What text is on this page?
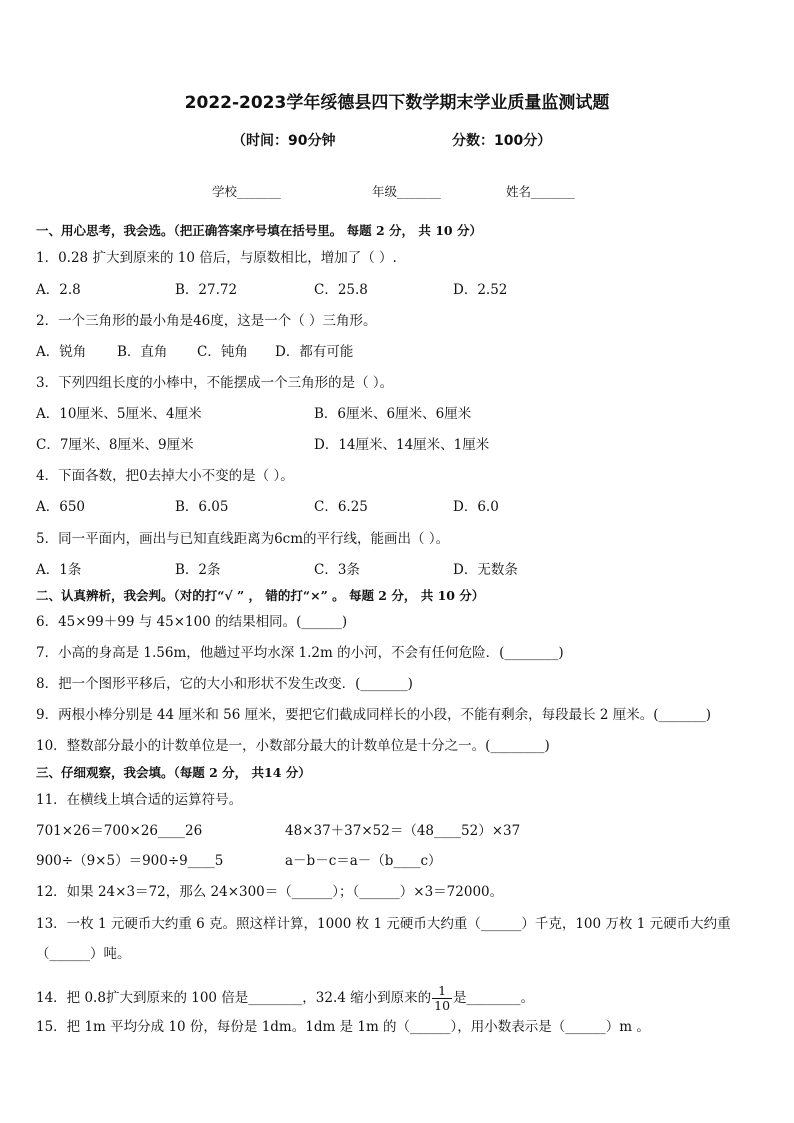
2022-2023学年绥德县四下数学期末学业质量监测试题
（时间：90分钟	分数：100分）
学校_______	年级_______	姓名_______
一、用心思考，我会选。（把正确答案序号填在括号里。 每题 2 分， 共 10 分）
1．0.28 扩大到原来的 10 倍后，与原数相比，增加了（ ）.
A．2.8	B．27.72	C．25.8	D．2.52
2．一个三角形的最小角是46度，这是一个（ ）三角形。
A．锐角 B．直角 C．钝角 D．都有可能
3．下列四组长度的小棒中，不能摆成一个三角形的是（ ）。
A．10厘米、5厘米、4厘米	B．6厘米、6厘米、6厘米
C．7厘米、8厘米、9厘米	D．14厘米、14厘米、1厘米
4．下面各数，把0去掉大小不变的是（ ）。
A．650	B．6.05	C．6.25	D．6.0
5．同一平面内，画出与已知直线距离为6cm的平行线，能画出（ ）。
A．1条	B．2条	C．3条	D．无数条
二、认真辨析，我会判。（对的打“√ ” ， 错的打“×” 。 每题 2 分， 共 10 分）
6．45×99＋99 与 45×100 的结果相同。(______)
7．小高的身高是 1.56m，他趟过平均水深 1.2m 的小河，不会有任何危险．(________)
8．把一个图形平移后，它的大小和形状不发生改变．(_______)
9．两根小棒分别是 44 厘米和 56 厘米，要把它们截成同样长的小段，不能有剩余，每段最长 2 厘米。(_______)
10．整数部分最小的计数单位是一，小数部分最大的计数单位是十分之一。(________)
三、仔细观察，我会填。（每题 2 分， 共14 分）
11．在横线上填合适的运算符号。
701×26＝700×26____26	48×37＋37×52＝（48____52）×37
900÷（9×5）＝900÷9____5	a－b－c＝a－（b____c）
12．如果 24×3＝72，那么 24×300＝（______）；（______）×3＝72000。
13．一枚 1 元硬币大约重 6 克。照这样计算，1000 枚 1 元硬币大约重（______）千克，100 万枚 1 元硬币大约重
（______）吨。
14．把 0.8扩大到原来的 100 倍是________，32.4 缩小到原来的 $\frac{1}{10}$ 是________。
15．把 1m 平均分成 10 份，每份是 1dm。1dm 是 1m 的（______），用小数表示是（______）m 。
